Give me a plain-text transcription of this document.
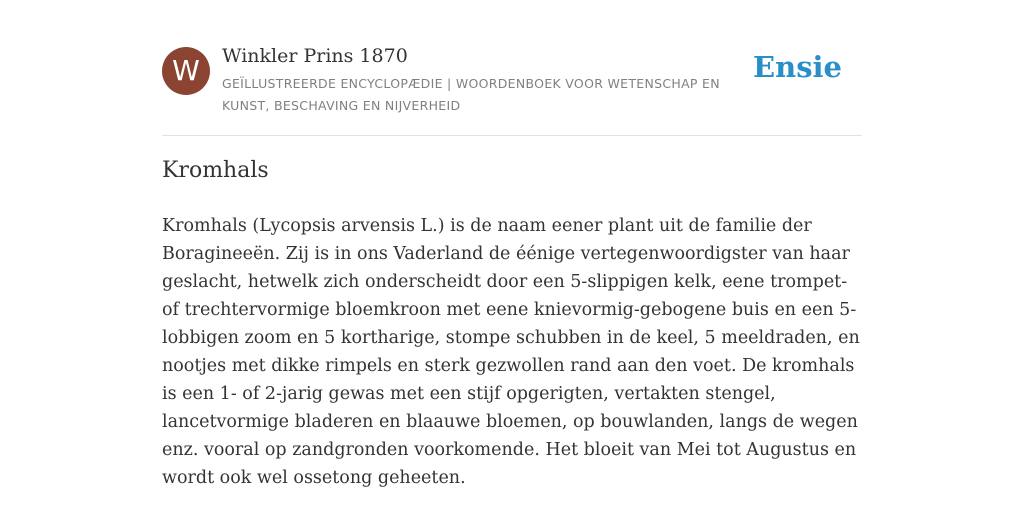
W	Winkler Prins 1870
GEÏLLUSTREERDE ENCYCLOPÆDIE | WOORDENBOEK VOOR WETENSCHAP EN KUNST, BESCHAVING EN NIJVERHEID
Ensie
Kromhals

Kromhals (Lycopsis arvensis L.) is de naam eener plant uit de familie der Boragineeën. Zij is in ons Vaderland de éénige vertegenwoordigster van haar geslacht, hetwelk zich onderscheidt door een 5-slippigen kelk, eene trompet- of trechtervormige bloemkroon met eene knievormig-gebogene buis en een 5-lobbigen zoom en 5 kortharige, stompe schubben in de keel, 5 meeldraden, en nootjes met dikke rimpels en sterk gezwollen rand aan den voet. De kromhals is een 1- of 2-jarig gewas met een stijf opgerigten, vertakten stengel, lancetvormige bladeren en blaauwe bloemen, op bouwlanden, langs de wegen enz. vooral op zandgronden voorkomende. Het bloeit van Mei tot Augustus en wordt ook wel ossetong geheeten.
